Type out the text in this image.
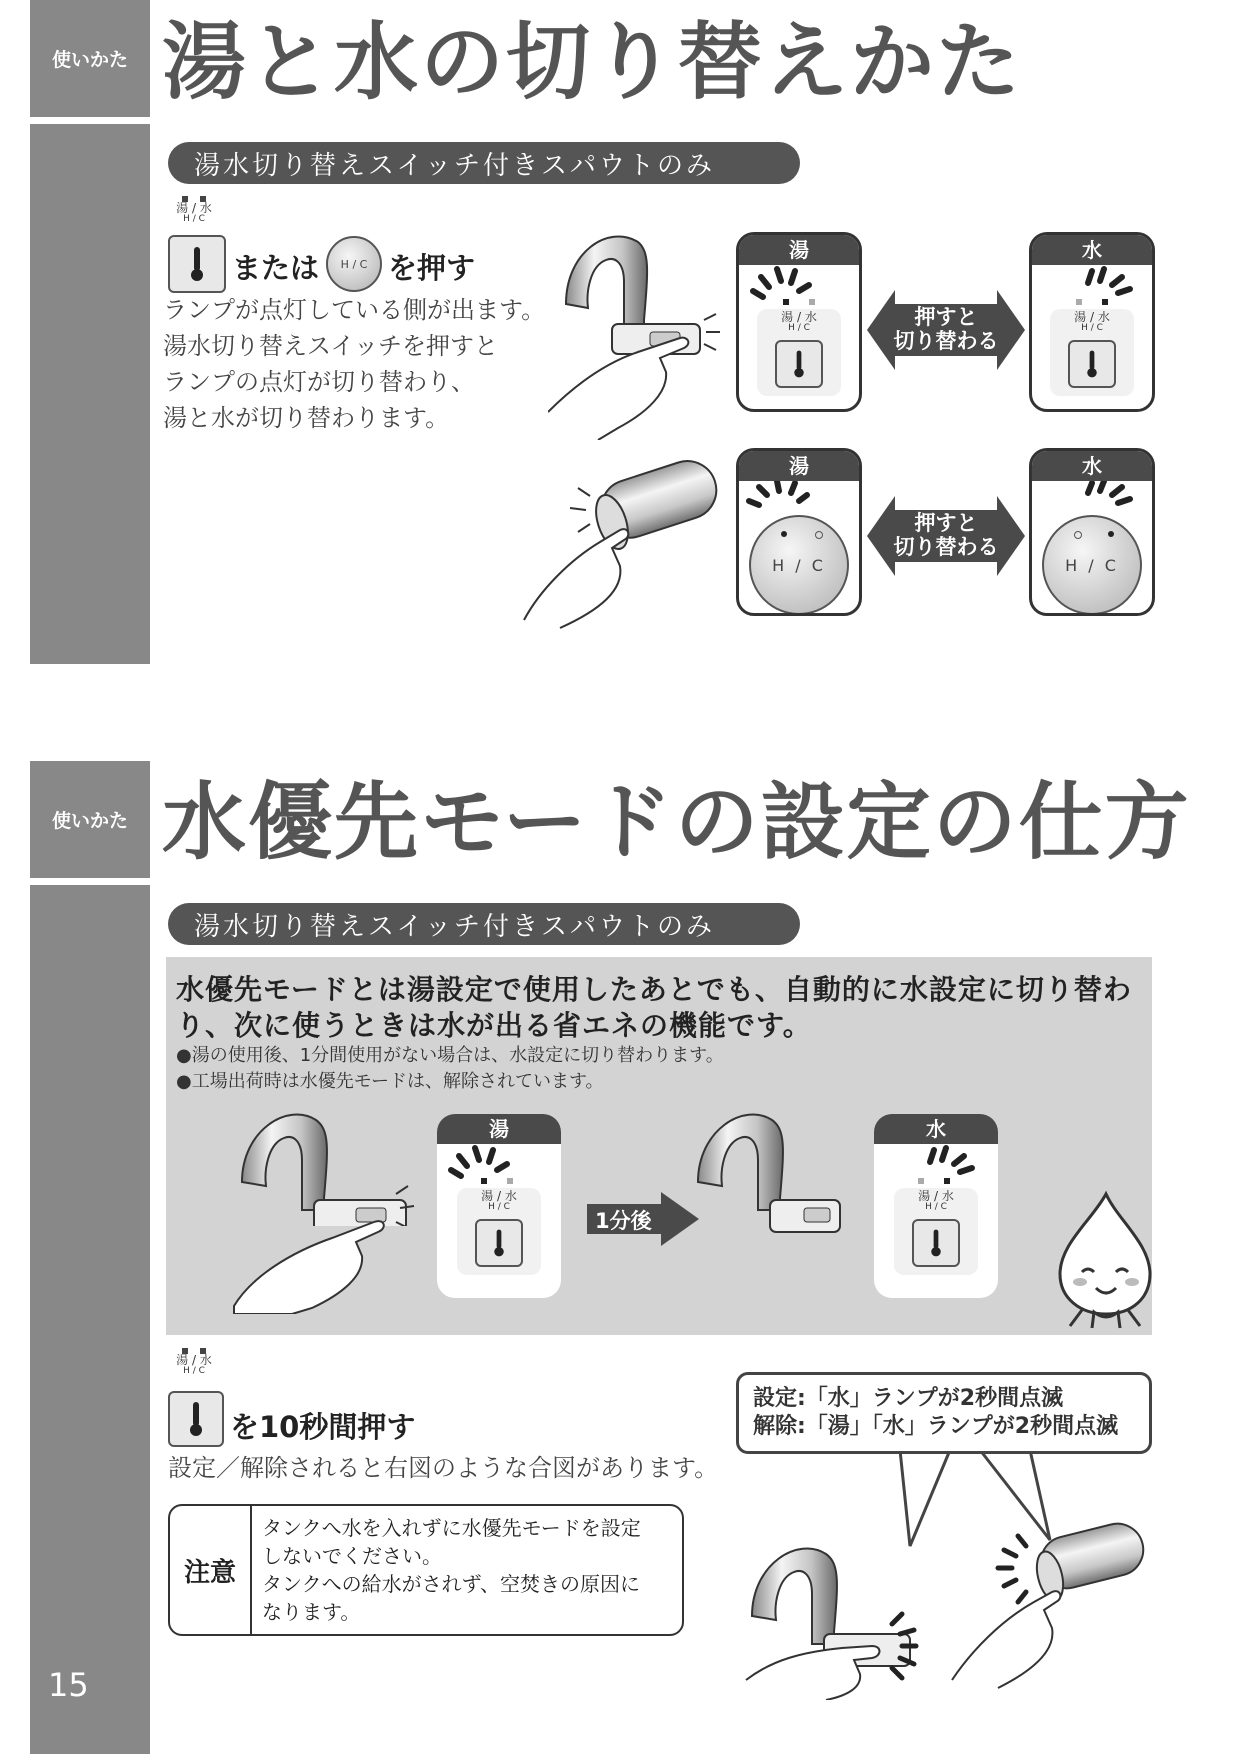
使いかた 湯と水の切り替えかた
湯水切り替えスイッチ付きスパウトのみ
湯 / 水
H / C
または H / C を押す
ランプが点灯している側が出ます。
湯水切り替えスイッチを押すと
ランプの点灯が切り替わり、
湯と水が切り替わります。
湯
湯 / 水
H / C	押すと
切り替わる
水
湯 / 水
H / C
湯
H / C
押すと
切り替わる
水
H / C
使いかた 水優先モードの設定の仕方
湯水切り替えスイッチ付きスパウトのみ
水優先モードとは湯設定で使用したあとでも、自動的に水設定に切り替わ
り、次に使うときは水が出る省エネの機能です。
●湯の使用後、1分間使用がない場合は、水設定に切り替わります。
●工場出荷時は水優先モードは、解除されています。
湯
湯 / 水
H / C
1分後
水
湯 / 水
H / C
湯 / 水
H / C
を10秒間押す
設定／解除されると右図のような合図があります。
注意
タンクへ水を入れずに水優先モードを設定
しないでください。
タンクへの給水がされず、空焚きの原因に
なります。
設定:「水」ランプが2秒間点滅
解除:「湯」「水」ランプが2秒間点滅
15
